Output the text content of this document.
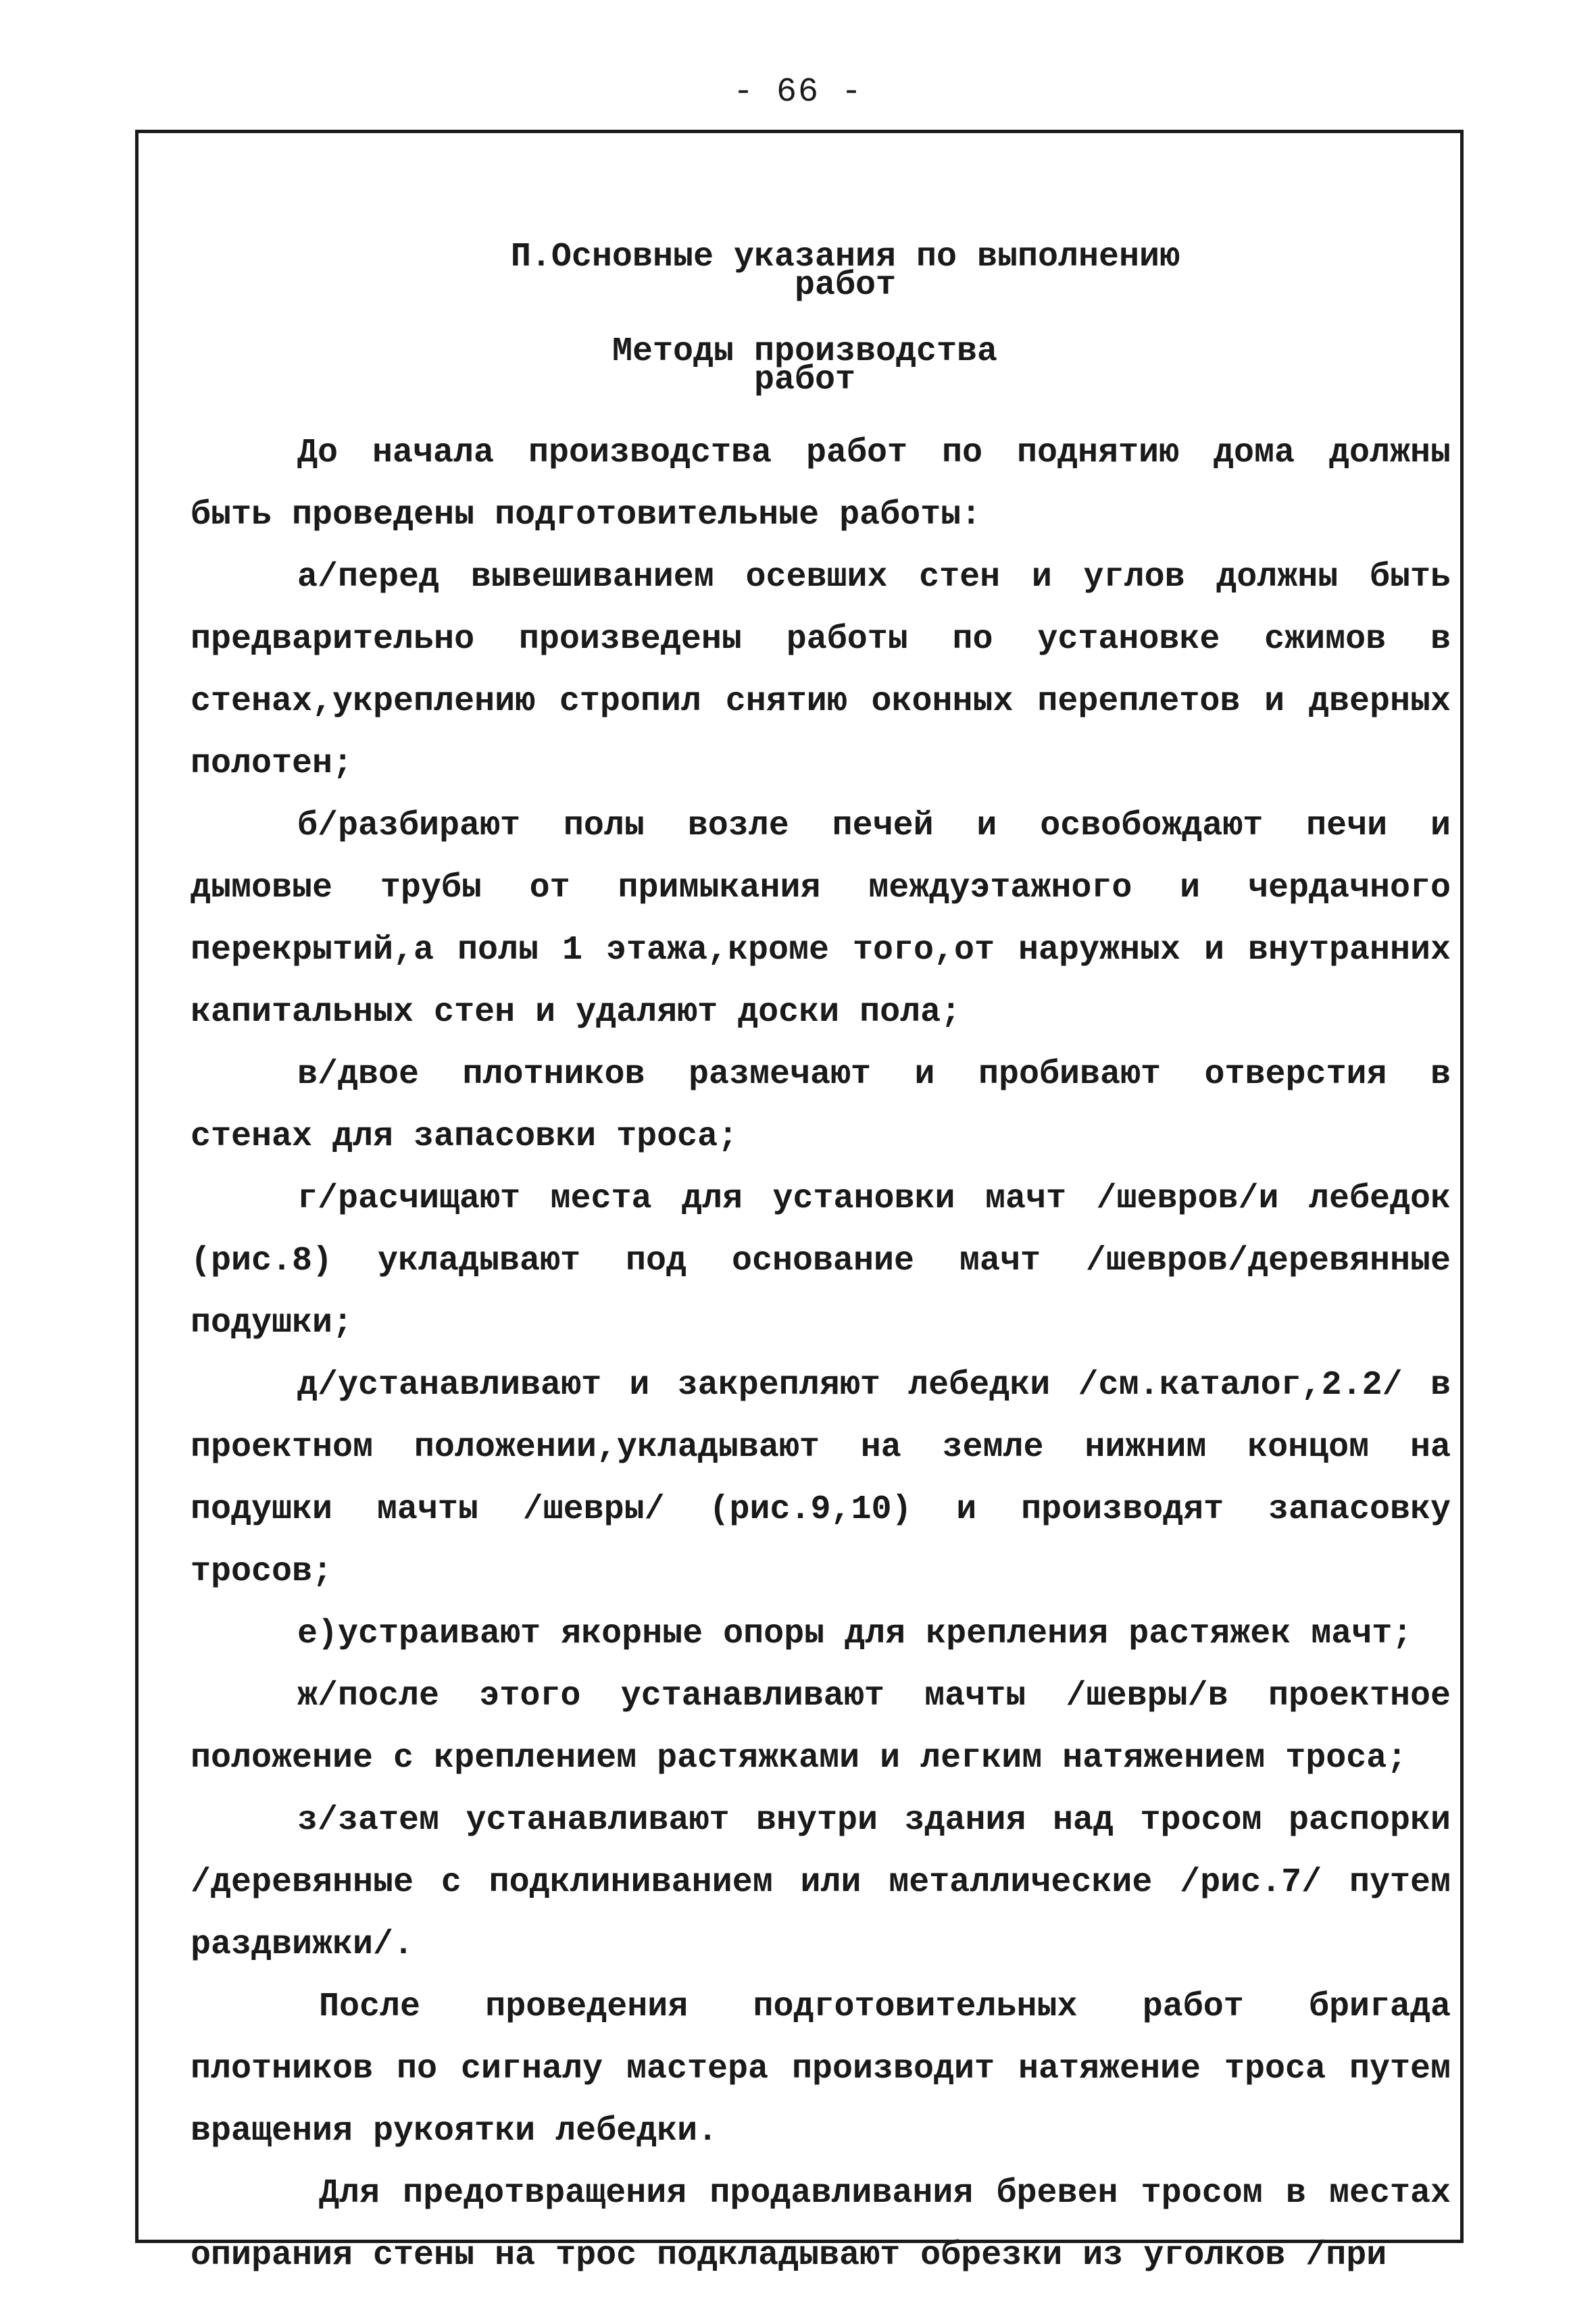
- 66 -
П.Основные указания по выполнению
работ
Методы производства
работ

До начала производства работ по поднятию дома должны быть проведены подготовительные работы:

а/перед вывешиванием осевших стен и углов должны быть предварительно произведены работы по установке сжимов в стенах,укреплению стропил снятию оконных переплетов и дверных полотен;

б/разбирают полы возле печей и освобождают печи и дымовые трубы от примыкания междуэтажного и чердачного перекрытий,а полы 1 этажа,кроме того,от наружных и внутранних капитальных стен и удаляют доски пола;

в/двое плотников размечают и пробивают отверстия в стенах для запасовки троса;

г/расчищают места для установки мачт /шевров/и лебедок (рис.8) укладывают под основание мачт /шевров/деревянные подушки;

д/устанавливают и закрепляют лебедки /см.каталог,2.2/ в проектном положении,укладывают на земле нижним концом на подушки мачты /шевры/ (рис.9,10) и производят запасовку тросов;

е)устраивают якорные опоры для крепления растяжек мачт;

ж/после этого устанавливают мачты /шевры/в проектное положение с креплением растяжками и легким натяжением троса;

з/затем устанавливают внутри здания над тросом распорки /деревянные с подклиниванием или металлические /рис.7/ путем раздвижки/.

После проведения подготовительных работ бригада плотников по сигналу мастера производит натяжение троса путем вращения рукоятки лебедки.

Для предотвращения продавливания бревен тросом в местах опирания стены на трос подкладывают обрезки из уголков /при
